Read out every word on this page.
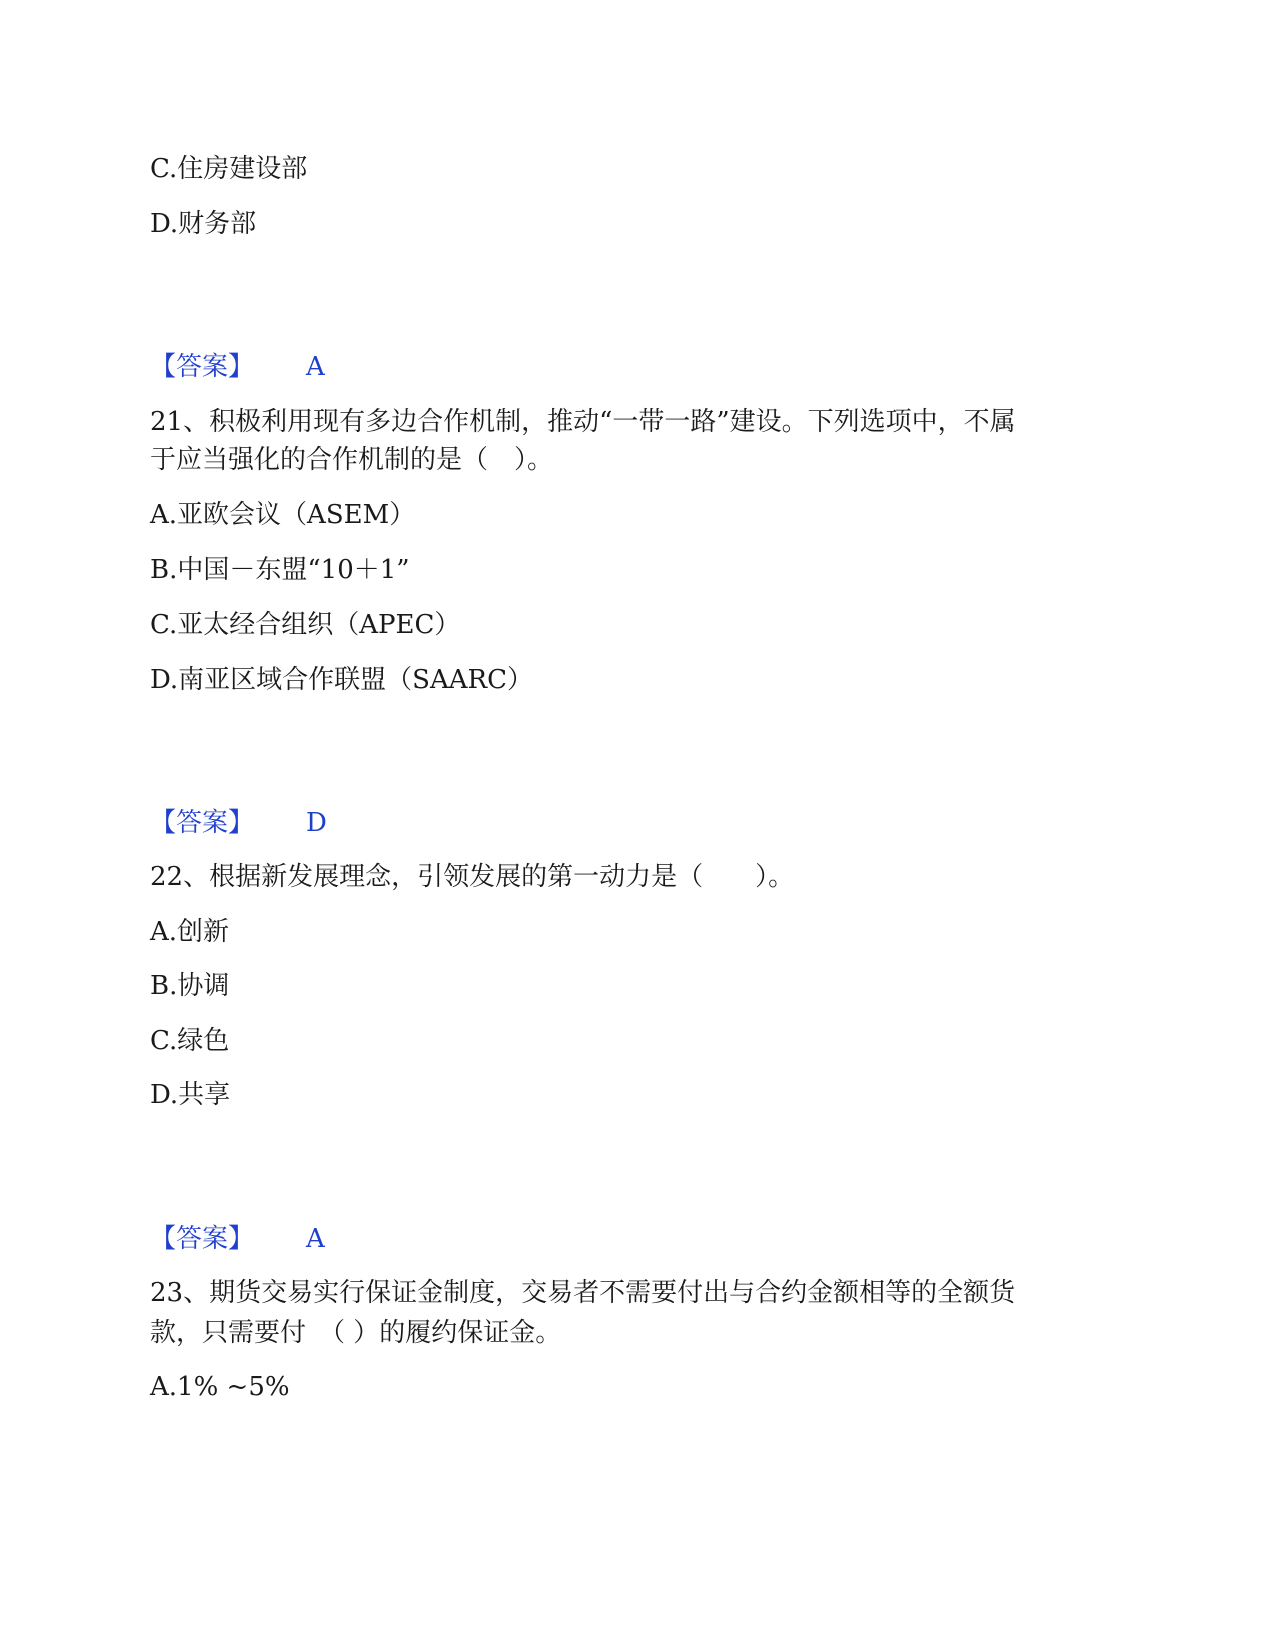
C.住房建设部
D.财务部
【答案】 A
21、积极利用现有多边合作机制，推动“一带一路”建设。下列选项中，不属
于应当强化的合作机制的是（　）。
A.亚欧会议（ASEM）
B.中国－东盟“10＋1”
C.亚太经合组织（APEC）
D.南亚区域合作联盟（SAARC）
【答案】 D
22、根据新发展理念，引领发展的第一动力是（　　）。
A.创新
B.协调
C.绿色
D.共享
【答案】 A
23、期货交易实行保证金制度，交易者不需要付出与合约金额相等的全额货
款，只需要付　（ ）的履约保证金。
A.1% ~5%
